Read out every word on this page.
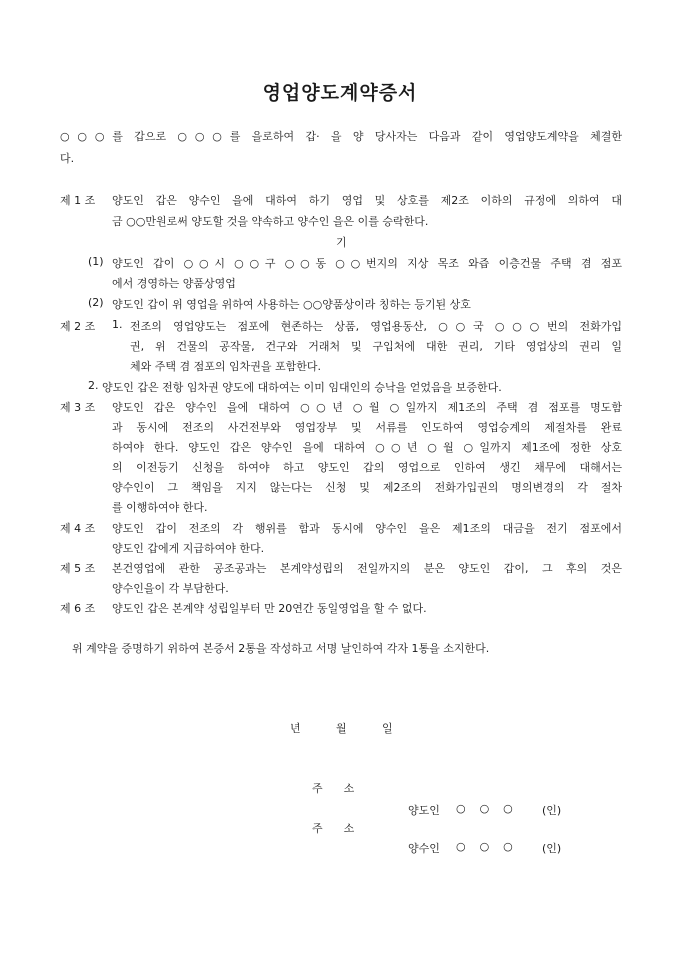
영업양도계약증서
○○○를 갑으로 ○○○를 을로하여 갑· 을 양 당사자는 다음과 같이 영업양도계약을 체결한
다.
제 1 조 양도인 갑은 양수인 을에 대하여 하기 영업 및 상호를 제2조 이하의 규정에 의하여 대
금 ○○만원로써 양도할 것을 약속하고 양수인 을은 이를 승락한다.
기
(1) 양도인 갑이 ○○시 ○○구 ○○동 ○○번지의 지상 목조 와즙 이층건물 주택 겸 점포
에서 경영하는 양품상영업
(2) 양도인 갑이 위 영업을 위하여 사용하는 ○○양품상이라 칭하는 등기된 상호
제 2 조 1. 전조의 영업양도는 점포에 현존하는 상품, 영업용동산, ○○국 ○○○번의 전화가입
권, 위 건물의 공작물, 건구와 거래처 및 구입처에 대한 권리, 기타 영업상의 권리 일
체와 주택 겸 점포의 임차권을 포함한다.
2. 양도인 갑은 전항 임차권 양도에 대하여는 이미 임대인의 승낙을 얻었음을 보증한다.
제 3 조 양도인 갑은 양수인 을에 대하여 ○○년 ○월 ○일까지 제1조의 주택 겸 점포를 명도함
과 동시에 전조의 사건전부와 영업장부 및 서류를 인도하여 영업승계의 제절차를 완료
하여야 한다. 양도인 갑은 양수인 을에 대하여 ○○년 ○월 ○일까지 제1조에 정한 상호
의 이전등기 신청을 하여야 하고 양도인 갑의 영업으로 인하여 생긴 채무에 대해서는
양수인이 그 책임을 지지 않는다는 신청 및 제2조의 전화가입권의 명의변경의 각 절차
를 이행하여야 한다.
제 4 조 양도인 갑이 전조의 각 행위를 함과 동시에 양수인 을은 제1조의 대금을 전기 점포에서
양도인 갑에게 지급하여야 한다.
제 5 조 본건영업에 관한 공조공과는 본계약성립의 전일까지의 분은 양도인 갑이, 그 후의 것은
양수인을이 각 부담한다.
제 6 조 양도인 갑은 본계약 성립일부터 만 20연간 동일영업을 할 수 없다.
위 계약을 증명하기 위하여 본증서 2통을 작성하고 서명 날인하여 각자 1통을 소지한다.
년	월	일
주      소
양도인 ○    ○    ○	(인)
주      소
양수인 ○    ○    ○	(인)
